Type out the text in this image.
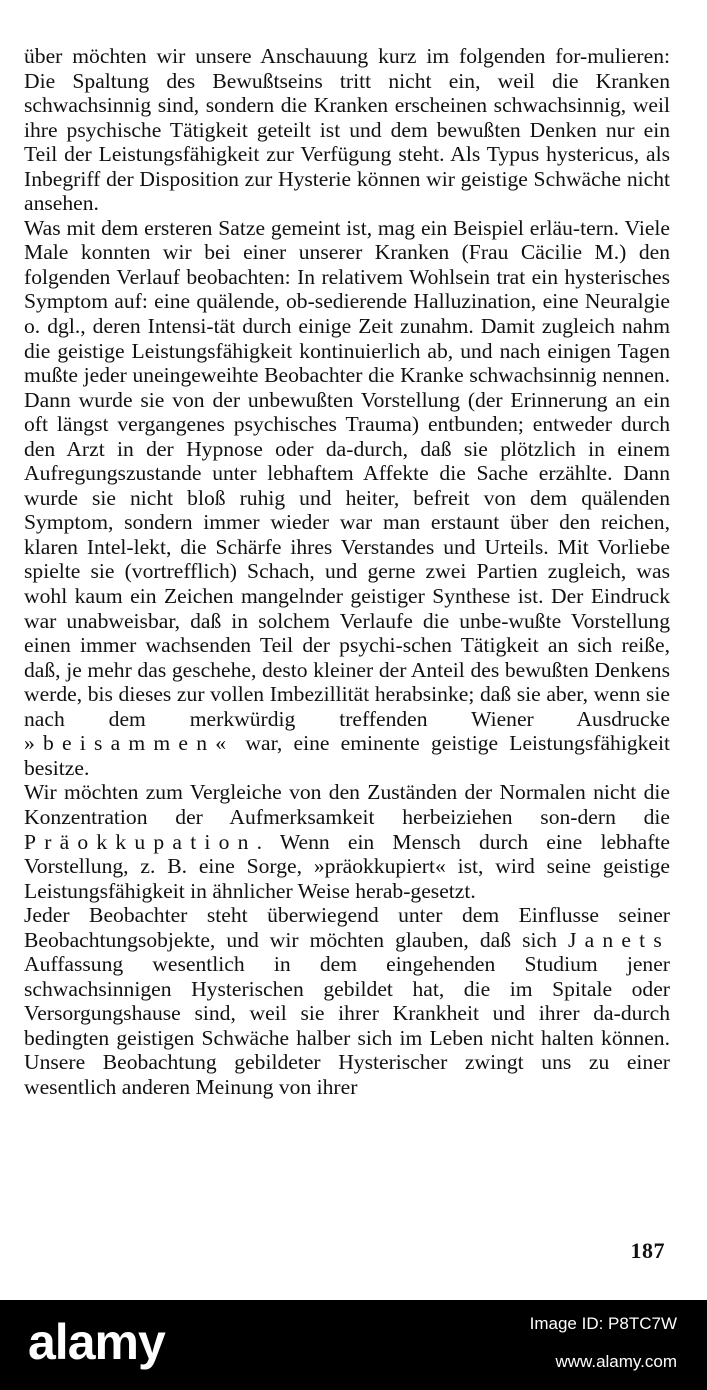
über möchten wir unsere Anschauung kurz im folgenden for-mulieren: Die Spaltung des Bewußtseins tritt nicht ein, weil die Kranken schwachsinnig sind, sondern die Kranken erscheinen schwachsinnig, weil ihre psychische Tätigkeit geteilt ist und dem bewußten Denken nur ein Teil der Leistungsfähigkeit zur Verfügung steht. Als Typus hystericus, als Inbegriff der Disposition zur Hysterie können wir geistige Schwäche nicht ansehen.

Was mit dem ersteren Satze gemeint ist, mag ein Beispiel erläu-tern. Viele Male konnten wir bei einer unserer Kranken (Frau Cäcilie M.) den folgenden Verlauf beobachten: In relativem Wohlsein trat ein hysterisches Symptom auf: eine quälende, ob-sedierende Halluzination, eine Neuralgie o. dgl., deren Intensi-tät durch einige Zeit zunahm. Damit zugleich nahm die geistige Leistungsfähigkeit kontinuierlich ab, und nach einigen Tagen mußte jeder uneingeweihte Beobachter die Kranke schwachsinnig nennen. Dann wurde sie von der unbewußten Vorstellung (der Erinnerung an ein oft längst vergangenes psychisches Trauma) entbunden; entweder durch den Arzt in der Hypnose oder da-durch, daß sie plötzlich in einem Aufregungszustande unter lebhaftem Affekte die Sache erzählte. Dann wurde sie nicht bloß ruhig und heiter, befreit von dem quälenden Symptom, sondern immer wieder war man erstaunt über den reichen, klaren Intel-lekt, die Schärfe ihres Verstandes und Urteils. Mit Vorliebe spielte sie (vortrefflich) Schach, und gerne zwei Partien zugleich, was wohl kaum ein Zeichen mangelnder geistiger Synthese ist. Der Eindruck war unabweisbar, daß in solchem Verlaufe die unbe-wußte Vorstellung einen immer wachsenden Teil der psychi-schen Tätigkeit an sich reiße, daß, je mehr das geschehe, desto kleiner der Anteil des bewußten Denkens werde, bis dieses zur vollen Imbezillität herabsinke; daß sie aber, wenn sie nach dem merkwürdig treffenden Wiener Ausdrucke »beisammen« war, eine eminente geistige Leistungsfähigkeit besitze.

Wir möchten zum Vergleiche von den Zuständen der Normalen nicht die Konzentration der Aufmerksamkeit herbeiziehen son-dern die Präokkupation. Wenn ein Mensch durch eine lebhafte Vorstellung, z. B. eine Sorge, »präokkupiert« ist, wird seine geistige Leistungsfähigkeit in ähnlicher Weise herab-gesetzt.

Jeder Beobachter steht überwiegend unter dem Einflusse seiner Beobachtungsobjekte, und wir möchten glauben, daß sich Janets Auffassung wesentlich in dem eingehenden Studium jener schwachsinnigen Hysterischen gebildet hat, die im Spitale oder Versorgungshause sind, weil sie ihrer Krankheit und ihrer da-durch bedingten geistigen Schwäche halber sich im Leben nicht halten können. Unsere Beobachtung gebildeter Hysterischer zwingt uns zu einer wesentlich anderen Meinung von ihrer

187
alamy	Image ID: P8TC7W
www.alamy.com
